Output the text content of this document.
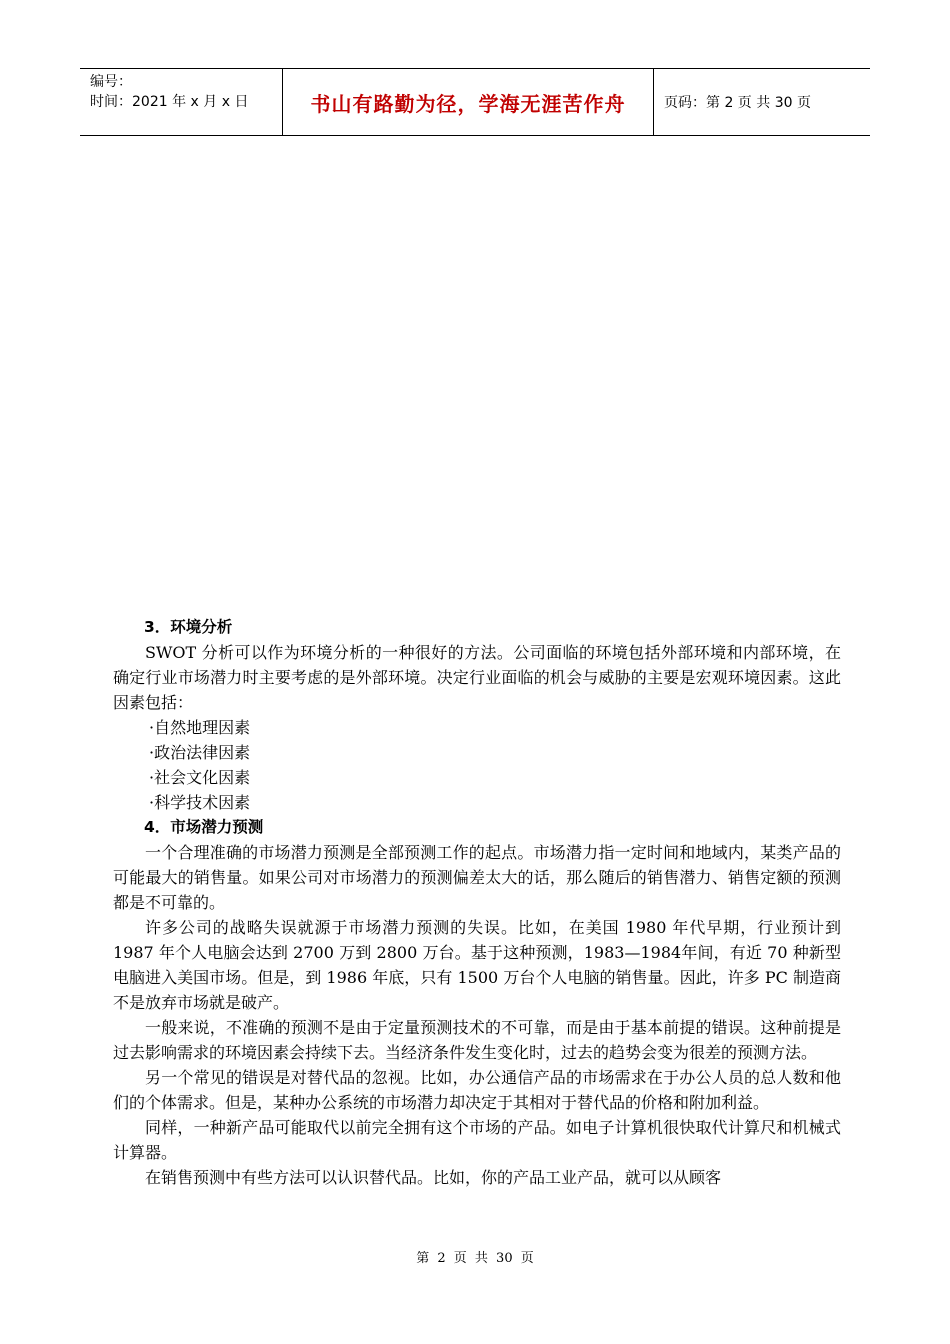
编号：
时间：2021 年 x 月 x 日	书山有路勤为径，学海无涯苦作舟	页码：第 2 页 共 30 页

3．环境分析

SWOT 分析可以作为环境分析的一种很好的方法。公司面临的环境包括外部环境和内部环境，在确定行业市场潜力时主要考虑的是外部环境。决定行业面临的机会与威胁的主要是宏观环境因素。这此因素包括：

·自然地理因素

·政治法律因素

·社会文化因素

·科学技术因素

4．市场潜力预测

一个合理准确的市场潜力预测是全部预测工作的起点。市场潜力指一定时间和地域内，某类产品的可能最大的销售量。如果公司对市场潜力的预测偏差太大的话，那么随后的销售潜力、销售定额的预测都是不可靠的。

许多公司的战略失误就源于市场潜力预测的失误。比如，在美国 1980 年代早期，行业预计到 1987 年个人电脑会达到 2700 万到 2800 万台。基于这种预测，1983—1984年间，有近 70 种新型电脑进入美国市场。但是，到 1986 年底，只有 1500 万台个人电脑的销售量。因此，许多 PC 制造商不是放弃市场就是破产。

一般来说，不准确的预测不是由于定量预测技术的不可靠，而是由于基本前提的错误。这种前提是过去影响需求的环境因素会持续下去。当经济条件发生变化时，过去的趋势会变为很差的预测方法。

另一个常见的错误是对替代品的忽视。比如，办公通信产品的市场需求在于办公人员的总人数和他们的个体需求。但是，某种办公系统的市场潜力却决定于其相对于替代品的价格和附加利益。

同样，一种新产品可能取代以前完全拥有这个市场的产品。如电子计算机很快取代计算尺和机械式计算器。

在销售预测中有些方法可以认识替代品。比如，你的产品工业产品，就可以从顾客

第 2 页 共 30 页
